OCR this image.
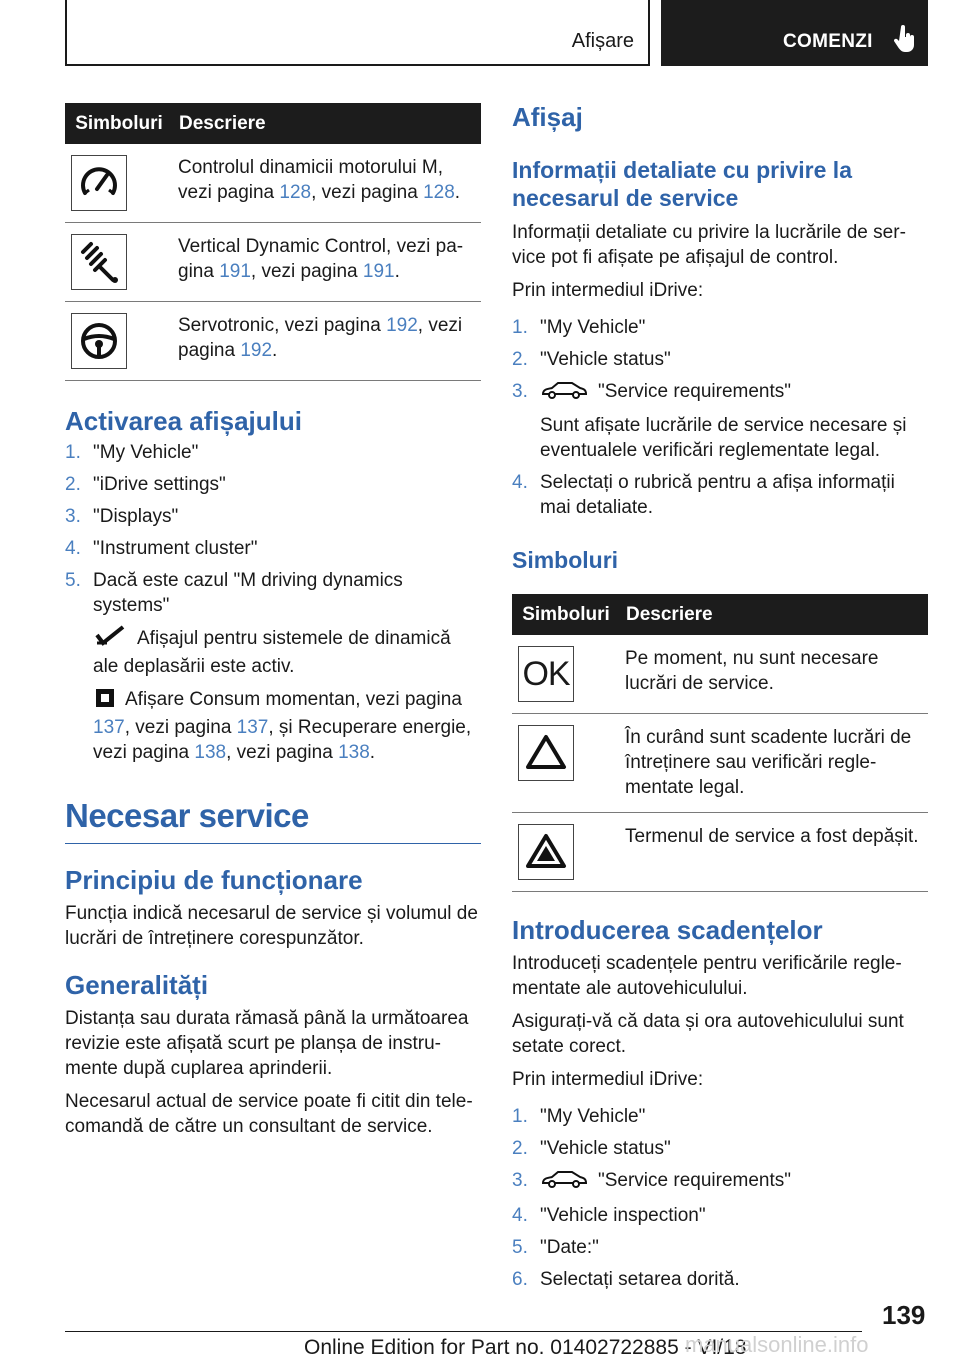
Afișare	COMENZI
Simboluri	Descriere

	Controlul dinamicii motorului M, vezi pagina 128, vezi pagina 128.

	Vertical Dynamic Control, vezi pagina 191, vezi pagina 191.

	Servotronic, vezi pagina 192, vezi pagina 192.
Activarea afișajului
1. "My Vehicle"
2. "iDrive settings"
3. "Displays"
4. "Instrument cluster"
5. Dacă este cazul "M driving dynamics systems"

Afișajul pentru sistemele de dinamică ale deplasării este activ.

Afișare Consum momentan, vezi pagina 137, vezi pagina 137, și Recuperare energie, vezi pagina 138, vezi pagina 138.

Necesar service
Principiu de funcționare

Funcția indică necesarul de service și volumul de lucrări de întreținere corespunzător.

Generalități

Distanța sau durata rămasă până la următoarea revizie este afișată scurt pe planșa de instrumente după cuplarea aprinderii.

Necesarul actual de service poate fi citit din telecomandă de către un consultant de service.

Afișaj
Informații detaliate cu privire la necesarul de service

Informații detaliate cu privire la lucrările de service pot fi afișate pe afișajul de control.

Prin intermediul iDrive:

1. "My Vehicle"
2. "Vehicle status"
3.	"Service requirements"

Sunt afișate lucrările de service necesare și eventualele verificări reglementate legal.
4. Selectați o rubrică pentru a afișa informații mai detaliate.
Simboluri
Simboluri	Descriere

OK	Pe moment, nu sunt necesare lucrări de service.

	În curând sunt scadente lucrări de întreținere sau verificări reglementate legal.

	Termenul de service a fost depășit.
Introducerea scadențelor

Introduceți scadențele pentru verificările reglementate ale autovehiculului.

Asigurați-vă că data și ora autovehiculului sunt setate corect.

Prin intermediul iDrive:

1. "My Vehicle"
2. "Vehicle status"
3.	"Service requirements"
4. "Vehicle inspection"
5. "Date:"
6. Selectați setarea dorită.
139
Online Edition for Part no. 01402722885 - VI/18
manualsonline.info
